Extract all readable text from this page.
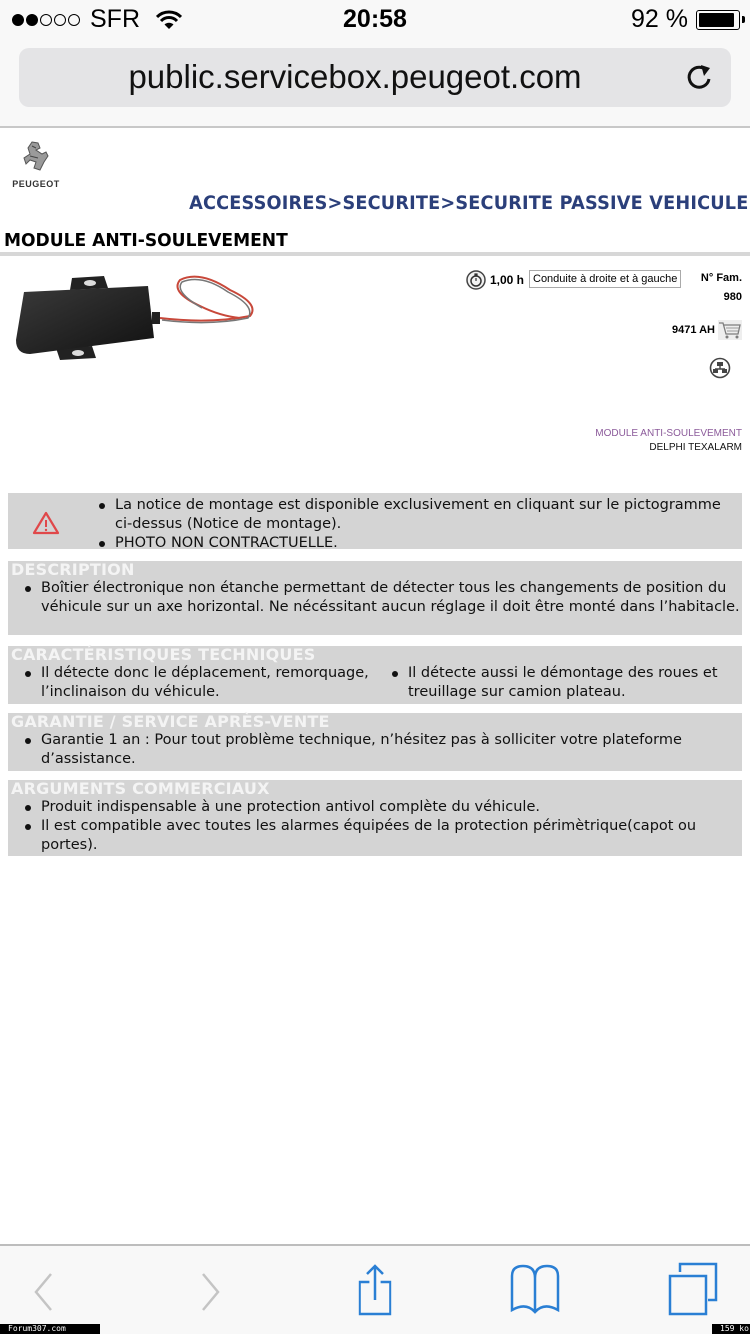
SFR	20:58	92 %
public.servicebox.peugeot.com
PEUGEOT
ACCESSOIRES>SECURITE>SECURITE PASSIVE VEHICULE
MODULE ANTI-SOULEVEMENT
1,00 h Conduite à droite et à gauche	N° Fam.
980
9471 AH
MODULE ANTI-SOULEVEMENT
DELPHI TEXALARM
La notice de montage est disponible exclusivement en cliquant sur le pictogramme ci-dessus (Notice de montage).
PHOTO NON CONTRACTUELLE.
DESCRIPTION
Boîtier électronique non étanche permettant de détecter tous les changements de position du véhicule sur un axe horizontal. Ne nécéssitant aucun réglage il doit être monté dans l’habitacle.
CARACTÉRISTIQUES TECHNIQUES
Il détecte donc le déplacement, remorquage, l’inclinaison du véhicule.
Il détecte aussi le démontage des roues et treuillage sur camion plateau.
GARANTIE / SERVICE APRÈS-VENTE
Garantie 1 an : Pour tout problème technique, n’hésitez pas à solliciter votre plateforme d’assistance.
ARGUMENTS COMMERCIAUX
Produit indispensable à une protection antivol complète du véhicule.
Il est compatible avec toutes les alarmes équipées de la protection périmètrique(capot ou portes).
Forum307.com	159 ko
